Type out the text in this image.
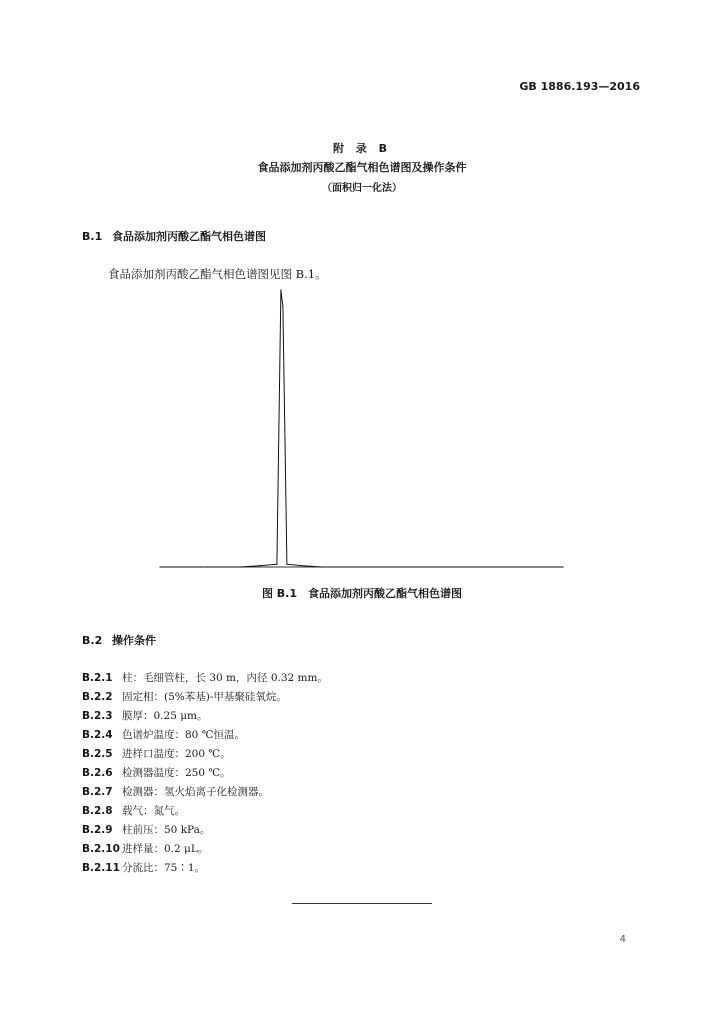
GB 1886.193—2016
附 录 B
食品添加剂丙酸乙酯气相色谱图及操作条件
（面积归一化法）
B.1 食品添加剂丙酸乙酯气相色谱图
食品添加剂丙酸乙酯气相色谱图见图 B.1。
图 B.1　食品添加剂丙酸乙酯气相色谱图
B.2 操作条件
B.2.1 柱：毛细管柱，长 30 m，内径 0.32 mm。
B.2.2 固定相：(5%苯基)-甲基聚硅氧烷。
B.2.3 膜厚：0.25 μm。
B.2.4 色谱炉温度：80 ℃恒温。
B.2.5 进样口温度：200 ℃。
B.2.6 检测器温度：250 ℃。
B.2.7 检测器：氢火焰离子化检测器。
B.2.8 载气：氮气。
B.2.9 柱前压：50 kPa。
B.2.10 进样量：0.2 μL。
B.2.11 分流比：75∶1。
4
